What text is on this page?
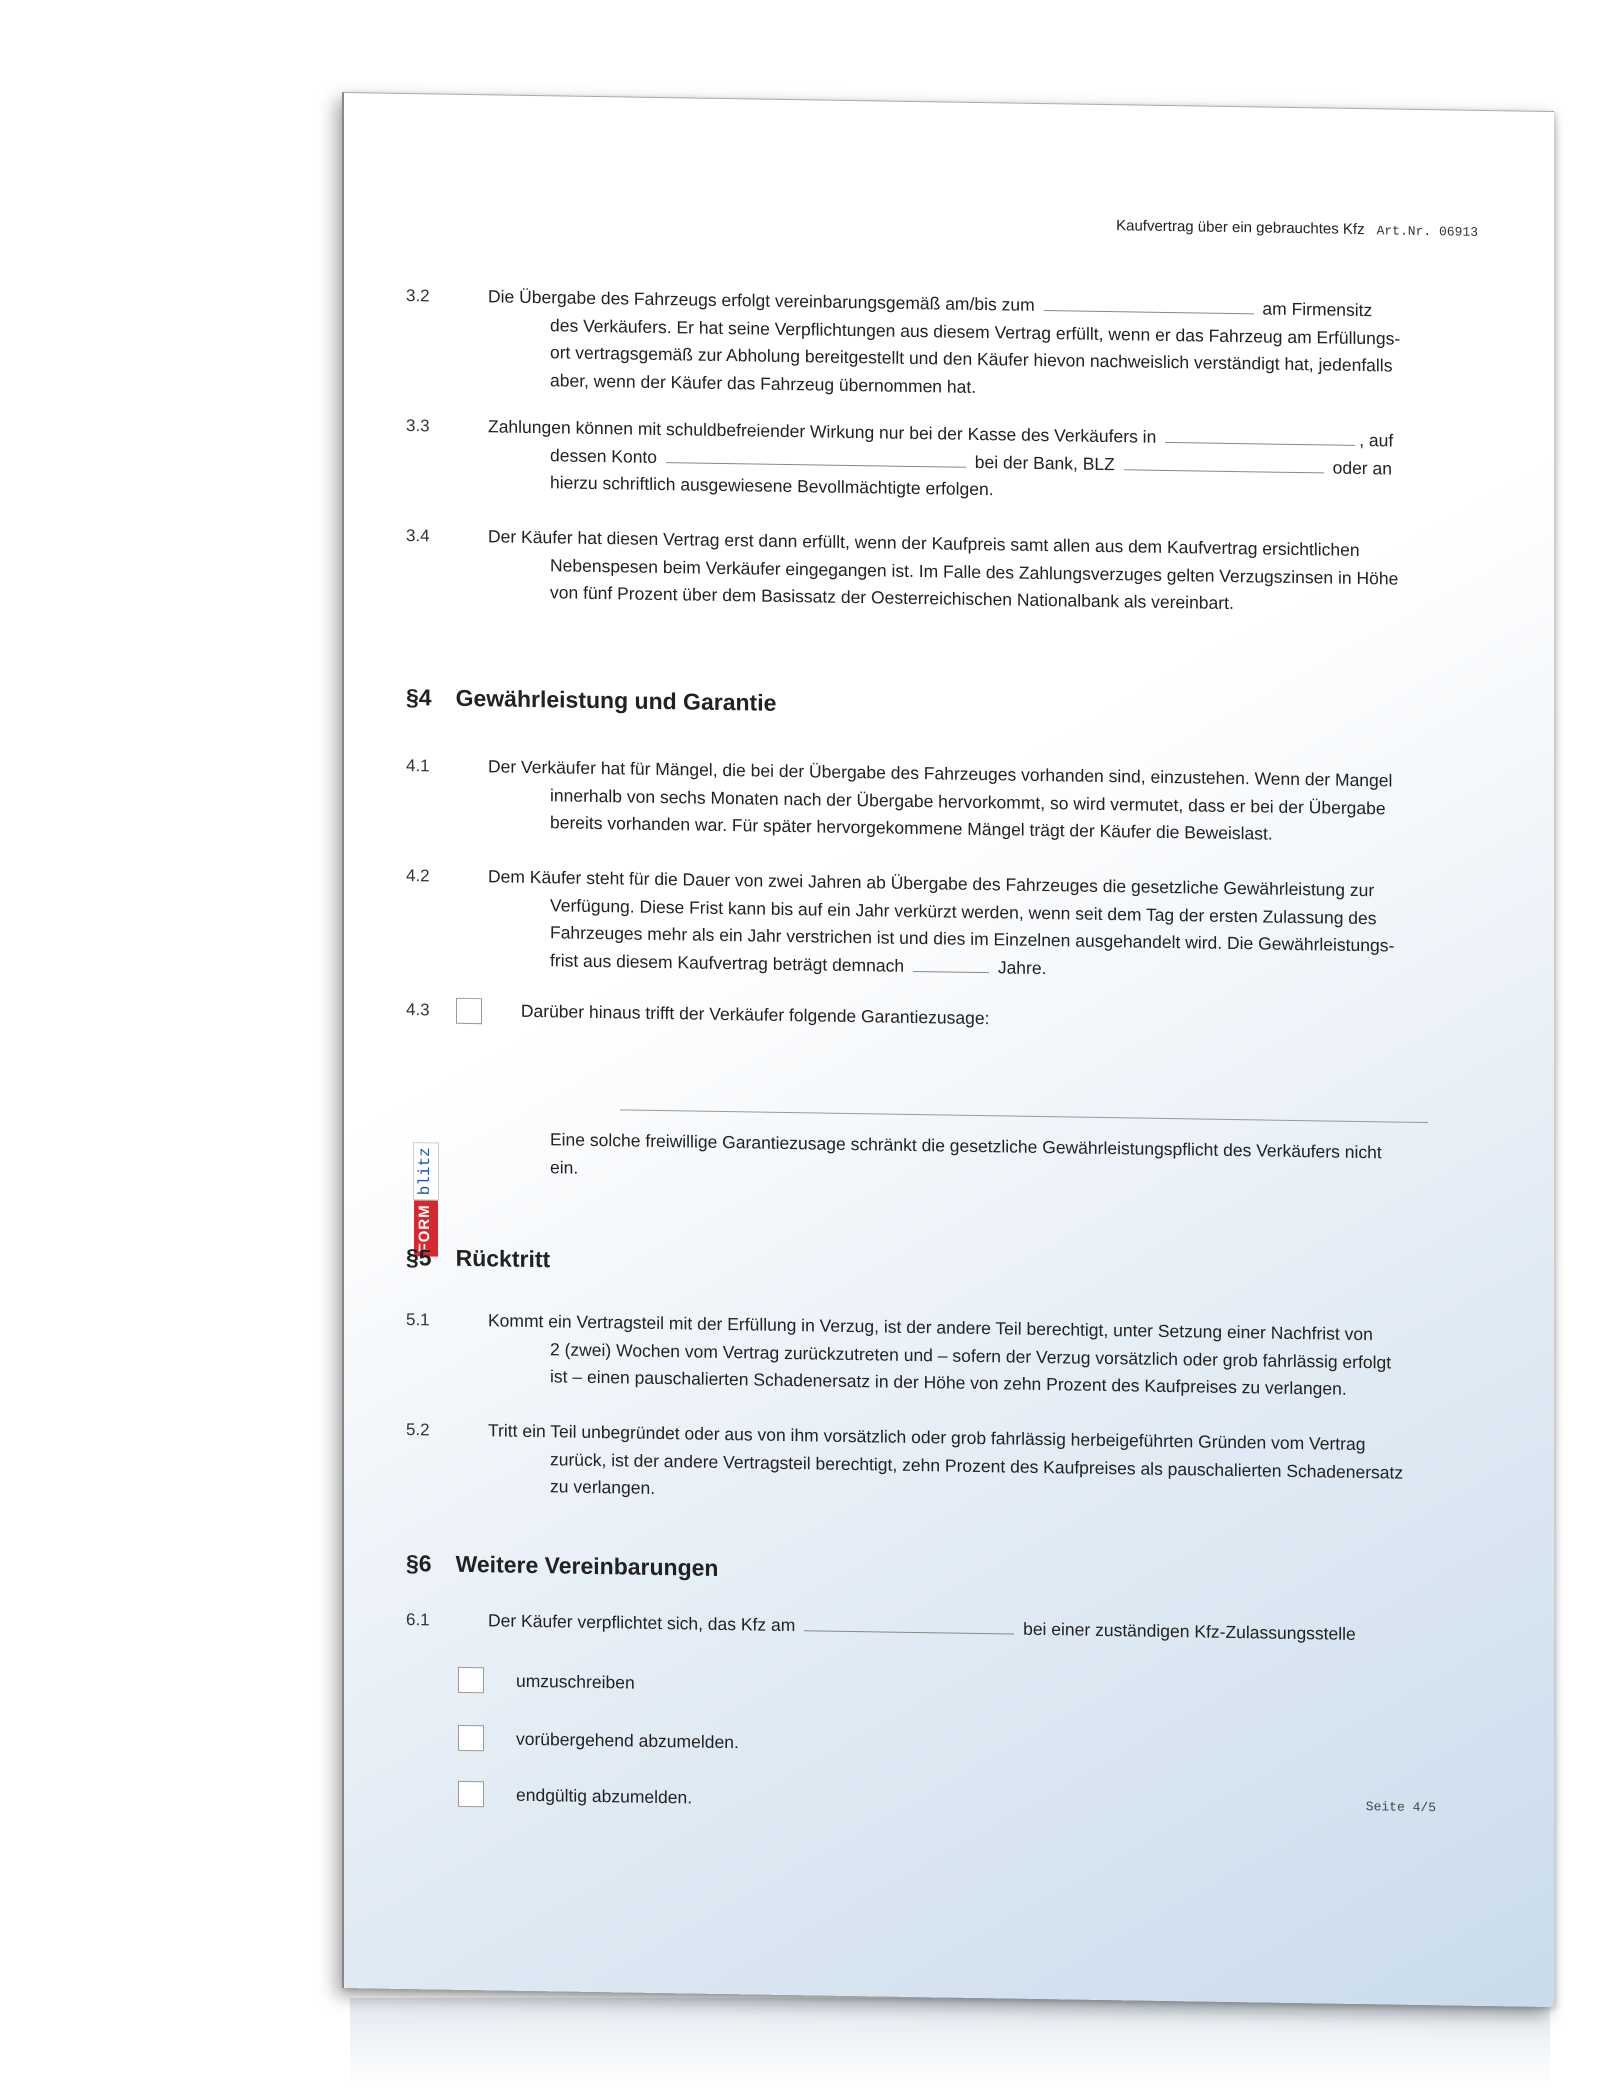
Kaufvertrag über ein gebrauchtes Kfz Art.Nr. 06913
FORM
blitz
3.2	Die Übergabe des Fahrzeugs erfolgt vereinbarungsgemäß am/bis zum	am Firmensitz
des Verkäufers. Er hat seine Verpflichtungen aus diesem Vertrag erfüllt, wenn er das Fahrzeug am Erfüllungs-
ort vertragsgemäß zur Abholung bereitgestellt und den Käufer hievon nachweislich verständigt hat, jedenfalls
aber, wenn der Käufer das Fahrzeug übernommen hat.
3.3	Zahlungen können mit schuldbefreiender Wirkung nur bei der Kasse des Verkäufers in	, auf
dessen Konto	bei der Bank, BLZ	oder an
hierzu schriftlich ausgewiesene Bevollmächtigte erfolgen.
3.4	Der Käufer hat diesen Vertrag erst dann erfüllt, wenn der Kaufpreis samt allen aus dem Kaufvertrag ersichtlichen
Nebenspesen beim Verkäufer eingegangen ist. Im Falle des Zahlungsverzuges gelten Verzugszinsen in Höhe
von fünf Prozent über dem Basissatz der Oesterreichischen Nationalbank als vereinbart.
§4 Gewährleistung und Garantie
4.1	Der Verkäufer hat für Mängel, die bei der Übergabe des Fahrzeuges vorhanden sind, einzustehen. Wenn der Mangel
innerhalb von sechs Monaten nach der Übergabe hervorkommt, so wird vermutet, dass er bei der Übergabe
bereits vorhanden war. Für später hervorgekommene Mängel trägt der Käufer die Beweislast.
4.2	Dem Käufer steht für die Dauer von zwei Jahren ab Übergabe des Fahrzeuges die gesetzliche Gewährleistung zur
Verfügung. Diese Frist kann bis auf ein Jahr verkürzt werden, wenn seit dem Tag der ersten Zulassung des
Fahrzeuges mehr als ein Jahr verstrichen ist und dies im Einzelnen ausgehandelt wird. Die Gewährleistungs-
frist aus diesem Kaufvertrag beträgt demnach	Jahre.
4.3	Darüber hinaus trifft der Verkäufer folgende Garantiezusage:
Eine solche freiwillige Garantiezusage schränkt die gesetzliche Gewährleistungspflicht des Verkäufers nicht
ein.
§5 Rücktritt
5.1	Kommt ein Vertragsteil mit der Erfüllung in Verzug, ist der andere Teil berechtigt, unter Setzung einer Nachfrist von
2 (zwei) Wochen vom Vertrag zurückzutreten und – sofern der Verzug vorsätzlich oder grob fahrlässig erfolgt
ist – einen pauschalierten Schadenersatz in der Höhe von zehn Prozent des Kaufpreises zu verlangen.
5.2	Tritt ein Teil unbegründet oder aus von ihm vorsätzlich oder grob fahrlässig herbeigeführten Gründen vom Vertrag
zurück, ist der andere Vertragsteil berechtigt, zehn Prozent des Kaufpreises als pauschalierten Schadenersatz
zu verlangen.
§6 Weitere Vereinbarungen
6.1	Der Käufer verpflichtet sich, das Kfz am	bei einer zuständigen Kfz-Zulassungsstelle
umzuschreiben
vorübergehend abzumelden.
endgültig abzumelden.
Seite 4/5
